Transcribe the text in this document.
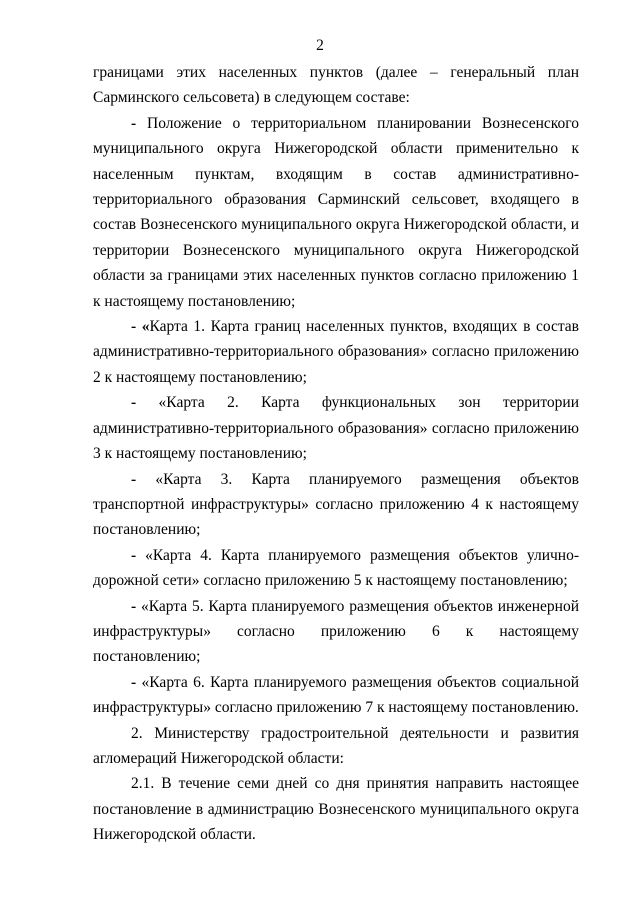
2

границами этих населенных пунктов (далее – генеральный план Сарминского сельсовета) в следующем составе:

- Положение о территориальном планировании Вознесенского муниципального округа Нижегородской области применительно к населенным пунктам, входящим в состав административно-территориального образования Сарминский сельсовет, входящего в состав Вознесенского муниципального округа Нижегородской области, и территории Вознесенского муниципального округа Нижегородской области за границами этих населенных пунктов согласно приложению 1 к настоящему постановлению;

- «Карта 1. Карта границ населенных пунктов, входящих в состав административно-территориального образования» согласно приложению 2 к настоящему постановлению;

- «Карта 2. Карта функциональных зон территории административно-территориального образования» согласно приложению 3 к настоящему постановлению;

- «Карта 3. Карта планируемого размещения объектов транспортной инфраструктуры» согласно приложению 4 к настоящему постановлению;

- «Карта 4. Карта планируемого размещения объектов улично-дорожной сети» согласно приложению 5 к настоящему постановлению;

- «Карта 5. Карта планируемого размещения объектов инженерной инфраструктуры» согласно приложению 6 к настоящему постановлению;

- «Карта 6. Карта планируемого размещения объектов социальной инфраструктуры» согласно приложению 7 к настоящему постановлению.

2. Министерству градостроительной деятельности и развития агломераций Нижегородской области:

2.1. В течение семи дней со дня принятия направить настоящее постановление в администрацию Вознесенского муниципального округа Нижегородской области.
